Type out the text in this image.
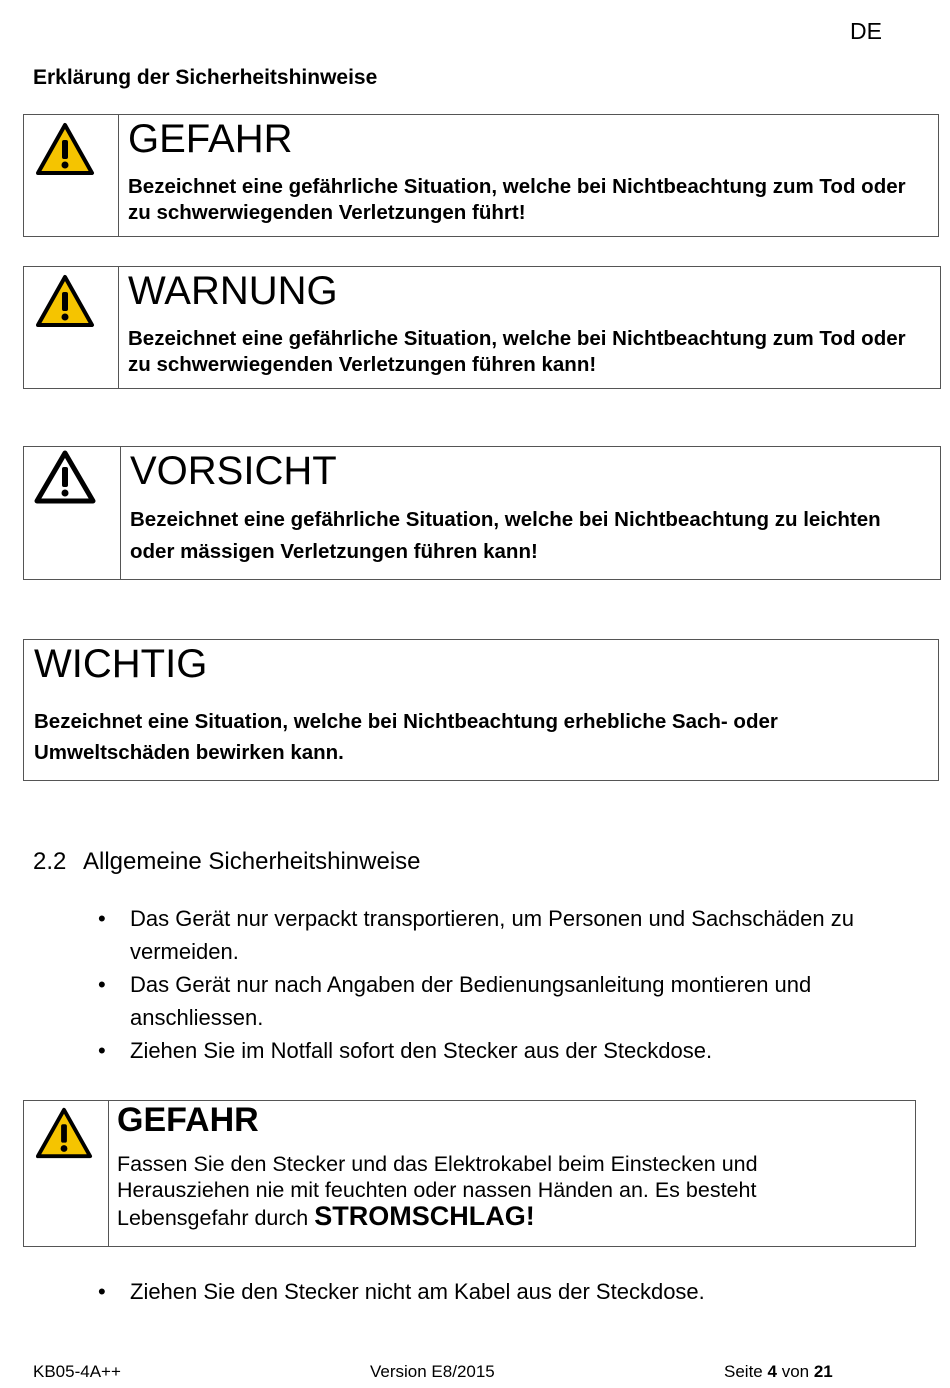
DE
Erklärung der Sicherheitshinweise
GEFAHR
Bezeichnet eine gefährliche Situation, welche bei Nichtbeachtung zum Tod oder zu schwerwiegenden Verletzungen führt!
WARNUNG
Bezeichnet eine gefährliche Situation, welche bei Nichtbeachtung zum Tod oder zu schwerwiegenden Verletzungen führen kann!
VORSICHT
Bezeichnet eine gefährliche Situation, welche bei Nichtbeachtung zu leichten oder mässigen Verletzungen führen kann!
WICHTIG
Bezeichnet eine Situation, welche bei Nichtbeachtung erhebliche Sach- oder Umweltschäden bewirken kann.
2.2 Allgemeine Sicherheitshinweise
• Das Gerät nur verpackt transportieren, um Personen und Sachschäden zu vermeiden.
• Das Gerät nur nach Angaben der Bedienungsanleitung montieren und anschliessen.
• Ziehen Sie im Notfall sofort den Stecker aus der Steckdose.
GEFAHR
Fassen Sie den Stecker und das Elektrokabel beim Einstecken und Herausziehen nie mit feuchten oder nassen Händen an. Es besteht Lebensgefahr durch STROMSCHLAG!
• Ziehen Sie den Stecker nicht am Kabel aus der Steckdose.
KB05-4A++	Version E8/2015	Seite 4 von 21
